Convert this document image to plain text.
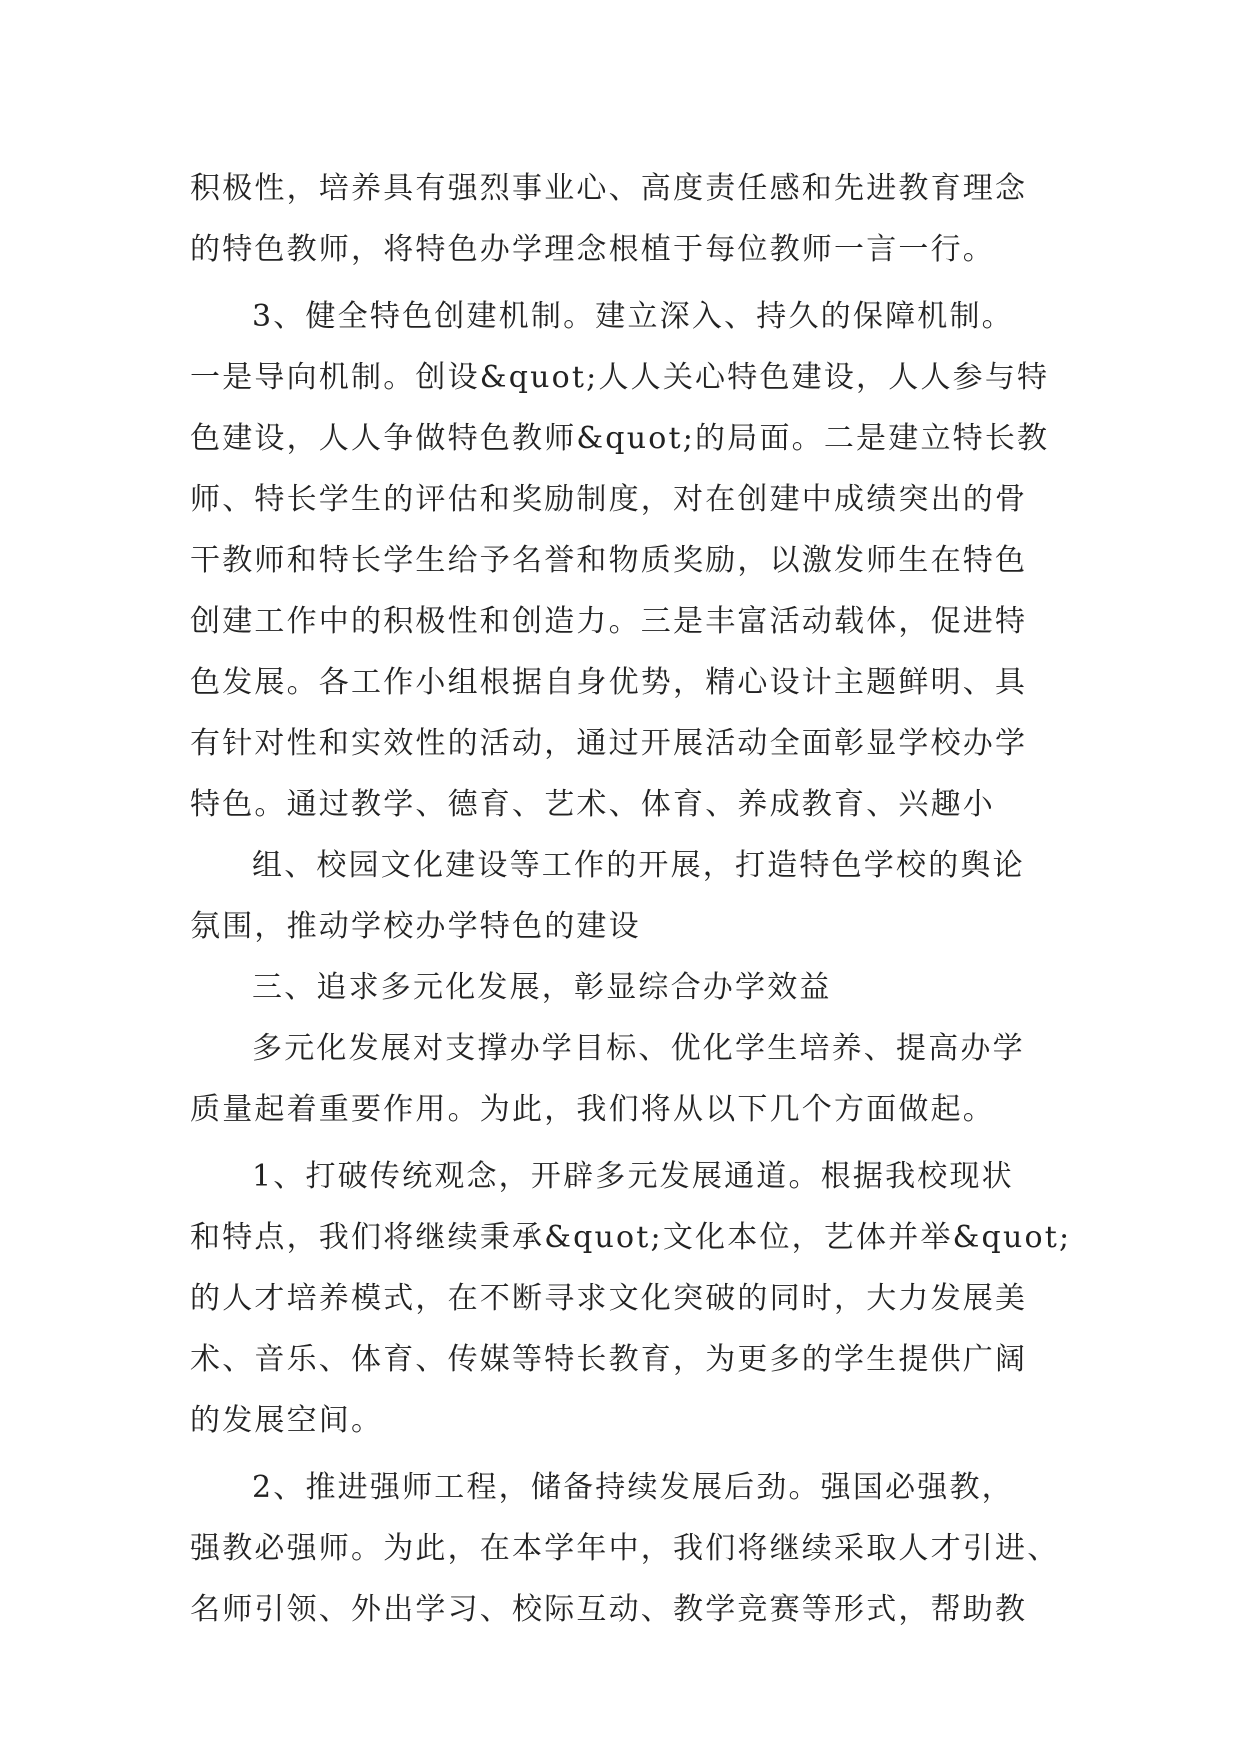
积极性，培养具有强烈事业心、高度责任感和先进教育理念
的特色教师，将特色办学理念根植于每位教师一言一行。
3、健全特色创建机制。建立深入、持久的保障机制。
一是导向机制。创设&quot;人人关心特色建设，人人参与特
色建设，人人争做特色教师&quot;的局面。二是建立特长教
师、特长学生的评估和奖励制度，对在创建中成绩突出的骨
干教师和特长学生给予名誉和物质奖励，以激发师生在特色
创建工作中的积极性和创造力。三是丰富活动载体，促进特
色发展。各工作小组根据自身优势，精心设计主题鲜明、具
有针对性和实效性的活动，通过开展活动全面彰显学校办学
特色。通过教学、德育、艺术、体育、养成教育、兴趣小
组、校园文化建设等工作的开展，打造特色学校的舆论
氛围，推动学校办学特色的建设
三、追求多元化发展，彰显综合办学效益
多元化发展对支撑办学目标、优化学生培养、提高办学
质量起着重要作用。为此，我们将从以下几个方面做起。
1、打破传统观念，开辟多元发展通道。根据我校现状
和特点，我们将继续秉承&quot;文化本位，艺体并举&quot;
的人才培养模式，在不断寻求文化突破的同时，大力发展美
术、音乐、体育、传媒等特长教育，为更多的学生提供广阔
的发展空间。
2、推进强师工程，储备持续发展后劲。强国必强教，
强教必强师。为此，在本学年中，我们将继续采取人才引进、
名师引领、外出学习、校际互动、教学竞赛等形式，帮助教
